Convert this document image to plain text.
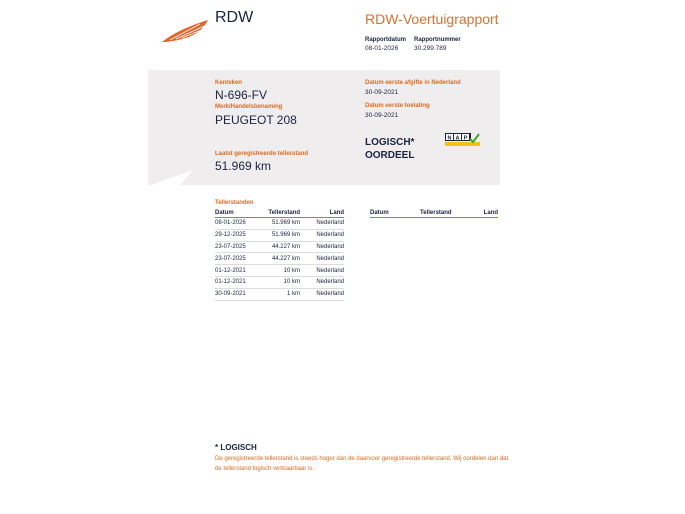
RDW	RDW-Voertuigrapport
Rapportdatum
08-01-2026
Rapportnummer
30.299.789
Kenteken
N-696-FV
Merk/Handelsbenaming
PEUGEOT 208
Laatst geregistreerde tellerstand
51.969 km
Datum eerste afgifte in Nederland
30-09-2021
Datum eerste toelating
30-09-2021
LOGISCH*
OORDEEL
N A P
Tellerstanden
Datum	Tellerstand	Land
08-01-2026	51.969 km	Nederland
29-12-2025	51.969 km	Nederland
23-07-2025	44.227 km	Nederland
23-07-2025	44.227 km	Nederland
01-12-2021	10 km	Nederland
01-12-2021	10 km	Nederland
30-09-2021	1 km	Nederland
Datum	Tellerstand	Land
* LOGISCH
De geregistreerde tellerstand is steeds hoger dan de daarvoor geregistreerde tellerstand. Wij oordelen dan dat de tellerstand logisch verklaarbaar is.
